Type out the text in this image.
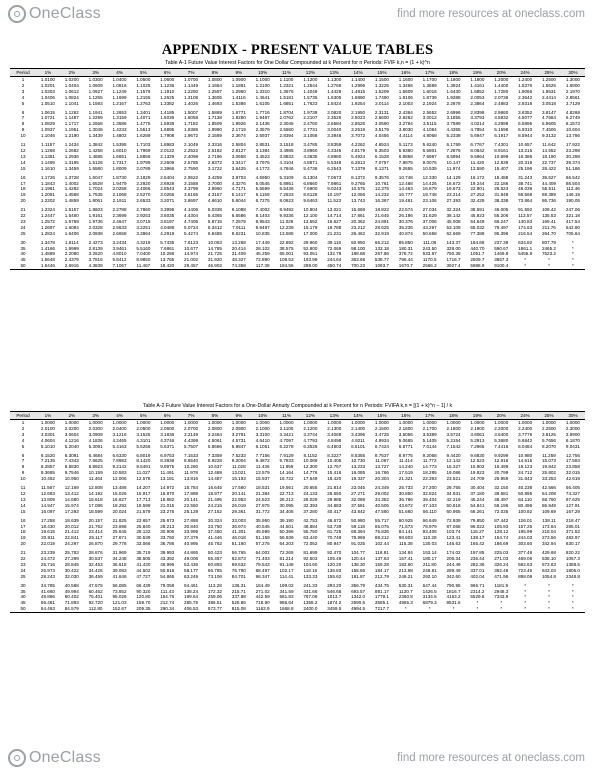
OneClass	find more resources at oneclass.com
APPENDIX - PRESENT VALUE TABLES
Table A-1 Future Value Interest Factors for One Dollar Compounded at k Percent for n Periods: FVIF k,n = (1 + k)^n
Period	1%	2%	3%	4%	5%	6%	7%	8%	9%	10%	11%	12%	13%	14%	15%	16%	17%	18%	19%	20%	24%	25%	30%
1	1.0100	1.0200	1.0300	1.0400	1.0500	1.0600	1.0700	1.0800	1.0900	1.1000	1.1100	1.1200	1.1300	1.1400	1.1500	1.1600	1.1700	1.1800	1.1900	1.2000	1.2400	1.2500	1.3000
2	1.0201	1.0404	1.0609	1.0816	1.1025	1.1236	1.1449	1.1664	1.1881	1.2100	1.2321	1.2544	1.2769	1.2996	1.3225	1.3456	1.3689	1.3924	1.4161	1.4400	1.5376	1.5625	1.6900
3	1.0303	1.0612	1.0927	1.1249	1.1576	1.1910	1.2250	1.2597	1.2950	1.3310	1.3676	1.4049	1.4429	1.4815	1.5209	1.5609	1.6016	1.6430	1.6852	1.7280	1.9066	1.9531	2.1970
4	1.0406	1.0824	1.1255	1.1699	1.2155	1.2625	1.3108	1.3605	1.4116	1.4641	1.5181	1.5735	1.6305	1.6890	1.7490	1.8106	1.8739	1.9388	2.0053	2.0736	2.3642	2.4414	2.8561
5	1.0510	1.1041	1.1593	1.2167	1.2763	1.3382	1.4026	1.4693	1.5386	1.6105	1.6851	1.7623	1.8424	1.9254	2.0114	2.1003	2.1924	2.2878	2.3864	2.4883	2.9316	3.0518	3.7129

6	1.0615	1.1262	1.1941	1.2653	1.3401	1.4185	1.5007	1.5869	1.6771	1.7716	1.8704	1.9738	2.0820	2.1950	2.3131	2.4364	2.5652	2.6996	2.8398	2.9860	3.6352	3.8147	4.8268
7	1.0721	1.1487	1.2299	1.3159	1.4071	1.5036	1.6058	1.7138	1.8280	1.9487	2.0762	2.2107	2.3526	2.5023	2.6600	2.8262	3.0012	3.1855	3.3793	3.5832	4.5077	4.7684	6.2749
8	1.0829	1.1717	1.2668	1.3686	1.4775	1.5938	1.7182	1.8509	1.9926	2.1436	2.3045	2.4760	2.6584	2.8526	3.0590	3.2784	3.5115	3.7589	4.0214	4.2998	5.5895	5.9605	8.1573
9	1.0937	1.1951	1.3048	1.4233	1.5513	1.6895	1.8385	1.9990	2.1719	2.3579	2.5580	2.7731	3.0040	3.2519	3.5179	3.8030	4.1084	4.4355	4.7854	5.1598	6.9310	7.4506	10.604
10	1.1046	1.2190	1.3439	1.4802	1.6289	1.7908	1.9672	2.1589	2.3674	2.5937	2.8394	3.1058	3.3946	3.7072	4.0456	4.4114	4.8068	5.2338	5.6947	6.1917	8.5944	9.3132	13.786

11	1.1157	1.2434	1.3842	1.5395	1.7103	1.8983	2.1049	2.3316	2.5804	2.8531	3.1518	3.4785	3.8359	4.2262	4.6524	5.1173	5.6240	6.1759	6.7767	7.4301	10.657	11.642	17.922
12	1.1268	1.2682	1.4258	1.6010	1.7959	2.0122	2.2522	2.5182	2.8127	3.1384	3.4985	3.8960	4.3345	4.8179	5.3503	5.9360	6.5801	7.2876	8.0642	8.9161	13.215	14.552	23.298
13	1.1381	1.2936	1.4685	1.6651	1.8856	2.1329	2.4098	2.7196	3.0658	3.4523	3.8833	4.3635	4.8980	5.4924	6.1528	6.8858	7.6987	8.5994	9.5964	10.699	16.386	18.190	30.288
14	1.1495	1.3195	1.5126	1.7317	1.9799	2.2609	2.5785	2.9372	3.3417	3.7975	4.3104	4.8871	5.5348	6.2613	7.0757	7.9875	9.0075	10.147	11.420	12.839	20.319	22.737	39.374
15	1.1610	1.3459	1.5580	1.8009	2.0789	2.3966	2.7590	3.1722	3.6425	4.1772	4.7846	5.4736	6.2543	7.1379	8.1371	9.2655	10.539	11.974	13.590	15.407	25.196	28.422	51.186

16	1.1726	1.3728	1.6047	1.8730	2.1829	2.5404	2.9522	3.4259	3.9703	4.5950	5.3109	6.1304	7.0673	8.1372	9.3576	10.748	12.330	14.129	16.172	18.488	31.243	35.527	66.542
17	1.1843	1.4002	1.6528	1.9479	2.2920	2.6928	3.1588	3.7000	4.3276	5.0545	5.8951	6.8660	7.9861	9.2765	10.761	12.468	14.426	16.672	19.244	22.186	38.741	44.409	86.504
18	1.1961	1.4282	1.7024	2.0258	2.4066	2.8543	3.3799	3.9960	4.7171	5.5599	6.5436	7.6900	9.0243	10.575	12.375	14.463	16.879	19.673	22.901	26.623	48.039	55.511	112.46
19	1.2081	1.4568	1.7535	2.1068	2.5270	3.0256	3.6165	4.3157	5.1417	6.1159	7.2633	8.6128	10.197	12.056	14.232	16.777	19.748	23.214	27.252	31.948	59.568	69.389	146.19
20	1.2202	1.4859	1.8061	2.1911	2.6533	3.2071	3.8697	4.6610	5.6044	6.7275	8.0623	9.6463	11.523	13.743	16.367	19.461	23.106	27.393	32.429	38.338	73.864	86.736	190.05

21	1.2324	1.5157	1.8603	2.2788	2.7860	3.3996	4.1406	5.0338	6.1088	7.4002	8.9492	10.804	13.021	15.668	18.822	22.574	27.034	32.324	38.591	46.005	91.592	108.42	247.06
22	1.2447	1.5460	1.9161	2.3699	2.9253	3.6035	4.4304	5.4365	6.6586	8.1403	9.9336	12.100	14.714	17.861	21.645	26.186	31.629	38.142	45.923	55.206	113.57	135.53	321.18
23	1.2572	1.5769	1.9736	2.4647	3.0715	3.8197	4.7405	5.8715	7.2579	8.9543	11.026	13.552	16.627	20.362	24.891	30.376	37.006	45.008	54.649	66.247	140.83	169.41	417.54
24	1.2697	1.6084	2.0328	2.5633	3.2251	4.0489	5.0724	6.3412	7.9111	9.8497	12.239	15.179	18.788	23.212	28.625	35.236	43.297	53.109	65.032	79.497	174.63	211.76	542.80
25	1.2824	1.6406	2.0938	2.6658	3.3864	4.2919	5.4274	6.8485	8.6231	10.835	13.585	17.000	21.231	26.462	32.919	40.874	50.658	62.669	77.388	95.396	216.54	264.70	705.64

30	1.3478	1.8114	2.4273	3.2434	4.3219	5.7435	7.6123	10.063	13.268	17.449	22.892	29.960	39.116	50.950	66.212	85.850	111.06	143.37	184.68	237.38	634.82	807.79	*
35	1.4166	1.9999	2.8139	3.9461	5.5160	7.6861	10.677	14.785	20.414	28.102	38.575	52.800	72.069	98.100	133.18	180.31	243.50	328.00	440.70	590.67	1861.1	2465.2	*
40	1.4889	2.2080	3.2620	4.8010	7.0400	10.286	14.974	21.725	31.409	45.259	65.001	93.051	132.78	188.88	267.86	378.72	533.87	750.38	1051.7	1469.8	5455.9	7523.2	*
45	1.5648	2.4379	3.7816	5.8412	8.9850	13.765	21.002	31.920	48.327	72.890	109.53	163.99	244.64	363.68	538.77	795.44	1170.5	1716.7	2509.7	3657.3	*	*	*
50	1.6446	2.6916	4.3839	7.1067	11.467	18.420	29.457	46.902	74.358	117.39	184.56	289.00	450.74	700.23	1083.7	1670.7	2566.2	3927.4	5988.9	9100.4	*	*	*
Table A-2 Future Value Interest Factors for a One-Dollar Annuity Compounded at k Percent for n Periods: FVIFA k,n = [(1 + k)^n − 1] / k
Period	1%	2%	3%	4%	5%	6%	7%	8%	9%	10%	11%	12%	13%	14%	15%	16%	17%	18%	19%	20%	24%	25%	30%
1	1.0000	1.0000	1.0000	1.0000	1.0000	1.0000	1.0000	1.0000	1.0000	1.0000	1.0000	1.0000	1.0000	1.0000	1.0000	1.0000	1.0000	1.0000	1.0000	1.0000	1.0000	1.0000	1.0000
2	2.0100	2.0200	2.0300	2.0400	2.0500	2.0600	2.0700	2.0800	2.0900	2.1000	2.1100	2.1200	2.1300	2.1400	2.1500	2.1600	2.1700	2.1800	2.1900	2.2000	2.2400	2.2500	2.3000
3	3.0301	3.0604	3.0909	3.1216	3.1525	3.1836	3.2149	3.2464	3.2781	3.3100	3.3421	3.3744	3.4069	3.4396	3.4725	3.5056	3.5389	3.5724	3.6061	3.6400	3.7776	3.8125	3.9900
4	4.0604	4.1216	4.1836	4.2465	4.3101	4.3746	4.4399	4.5061	4.5731	4.6410	4.7097	4.7793	4.8498	4.9211	4.9934	5.0665	5.1405	5.2154	5.2913	5.3680	5.6842	5.7656	6.1870
5	5.1010	5.2040	5.3091	5.4163	5.5256	5.6371	5.7507	5.8666	5.9847	6.1051	6.2278	6.3528	6.4803	6.6101	6.7424	6.8771	7.0144	7.1542	7.2966	7.4416	8.0484	8.2070	9.0431

6	6.1520	6.3081	6.4684	6.6330	6.8019	6.9753	7.1533	7.3359	7.5233	7.7156	7.9129	8.1152	8.3227	8.5355	8.7537	8.9775	9.2068	9.4420	9.6830	9.9299	10.980	11.259	12.756
7	7.2135	7.4343	7.6625	7.8983	8.1420	8.3938	8.6540	8.9228	9.2004	9.4872	9.7833	10.089	10.405	10.730	11.067	11.414	11.772	12.142	12.523	12.916	14.615	15.073	17.583
8	8.2857	8.5830	8.8923	9.2142	9.5491	9.8975	10.260	10.637	11.028	11.436	11.859	12.300	12.757	13.233	13.727	14.240	14.773	15.327	15.902	16.499	19.123	19.842	23.858
9	9.3685	9.7546	10.159	10.583	11.027	11.491	11.978	12.488	13.021	13.579	14.164	14.776	15.416	16.085	16.786	17.519	18.285	19.086	19.923	20.799	24.712	25.802	32.015
10	10.462	10.950	11.464	12.006	12.578	13.181	13.816	14.487	15.193	15.937	16.722	17.549	18.420	19.337	20.304	21.321	22.393	23.521	24.709	25.959	31.643	33.253	42.619

11	11.567	12.169	12.808	13.486	14.207	14.972	15.784	16.645	17.560	18.531	19.561	20.655	21.814	23.045	24.349	25.733	27.200	28.755	30.404	32.150	40.238	42.566	56.405
12	12.683	13.412	14.192	15.026	15.917	16.870	17.888	18.977	20.141	21.384	22.713	24.133	25.650	27.271	29.002	30.850	32.824	34.931	37.180	39.581	50.895	54.208	74.327
13	13.809	14.680	15.618	16.627	17.713	18.882	20.141	21.495	22.953	24.523	26.212	28.029	29.985	32.089	34.352	36.786	39.404	42.219	45.244	48.497	64.110	68.760	97.625
14	14.947	15.974	17.086	18.292	19.599	21.015	22.550	24.215	26.019	27.975	30.095	32.393	34.883	37.581	40.505	43.672	47.103	50.818	54.841	59.196	80.496	86.949	127.91
15	16.097	17.293	18.599	20.024	21.579	23.276	25.129	27.152	29.361	31.772	34.405	37.280	40.417	43.842	47.580	51.660	56.110	60.965	66.261	72.035	100.82	109.69	167.29

16	17.258	18.639	20.157	21.825	23.657	25.673	27.888	30.324	33.003	35.950	39.190	42.753	46.672	50.980	55.717	60.925	66.649	72.939	79.850	87.442	126.01	138.11	218.47
17	18.430	20.012	21.762	23.698	25.840	28.213	30.840	33.750	36.974	40.545	44.501	48.884	53.739	59.118	65.075	71.673	78.979	87.068	96.022	105.93	157.25	173.64	285.01
18	19.615	21.412	23.414	25.645	28.132	30.906	33.999	37.450	41.301	45.599	50.396	55.750	61.725	68.394	75.836	84.141	93.406	103.74	115.27	128.12	195.99	218.04	371.52
19	20.811	22.841	25.117	27.671	30.539	33.760	37.379	41.446	46.018	51.159	56.939	63.440	70.749	78.969	88.212	98.603	110.28	123.41	138.17	154.74	244.03	273.56	483.97
20	22.019	24.297	26.870	29.778	33.066	36.786	40.995	45.762	51.160	57.275	64.203	72.052	80.947	91.025	102.44	115.38	130.03	146.63	165.42	186.69	303.60	342.94	630.17

21	23.239	25.783	28.676	31.969	35.719	39.993	44.865	50.423	56.765	64.002	72.265	81.699	92.470	104.77	118.81	134.84	153.14	174.02	197.85	225.03	377.46	429.68	820.22
22	24.472	27.299	30.537	34.248	38.505	43.392	49.006	55.457	62.873	71.403	81.214	92.503	105.49	120.44	137.63	157.41	180.17	206.34	236.44	271.03	469.06	538.10	1067.3
23	25.716	28.845	32.453	36.618	41.430	46.996	53.436	60.893	69.532	79.543	91.148	104.60	120.20	138.30	159.28	183.60	211.80	244.49	282.36	326.24	582.63	673.63	1388.5
24	26.973	30.422	34.426	39.083	44.502	50.816	58.177	66.765	76.790	88.497	102.17	118.16	136.83	158.66	184.17	213.98	248.81	289.49	337.01	392.48	723.46	843.03	1806.0
25	28.243	32.030	36.459	41.646	47.727	54.865	63.249	73.106	84.701	98.347	114.41	133.33	155.62	181.87	212.79	249.21	292.10	342.60	402.04	471.98	898.09	1054.8	2348.8

30	34.785	40.568	47.575	56.085	66.439	79.058	94.461	113.28	136.31	164.49	199.02	241.33	293.20	356.79	434.75	530.31	647.44	790.95	966.71	1181.9	*	*	*
35	41.660	49.994	60.462	73.652	90.320	111.43	138.24	172.32	215.71	271.02	341.59	431.66	546.68	693.57	881.17	1120.7	1426.5	1816.7	2314.2	2948.3	*	*	*
40	48.886	60.402	75.401	95.026	120.80	154.76	199.64	259.06	337.88	442.59	581.83	767.09	1013.7	1342.0	1779.1	2360.8	3134.5	4163.2	5529.8	7343.9	*	*	*
45	56.481	71.893	92.720	121.03	159.70	212.74	285.75	386.51	525.86	718.90	986.64	1358.2	1874.2	2590.6	3585.1	4965.3	6879.3	9531.6	*	*	*	*	*
50	64.463	84.579	112.80	152.67	209.35	290.34	406.53	573.77	815.08	1163.9	1668.8	2400.0	3459.5	4994.5	7217.7	*	*	*	*	*	*	*	*
OneClass	find more resources at oneclass.com
